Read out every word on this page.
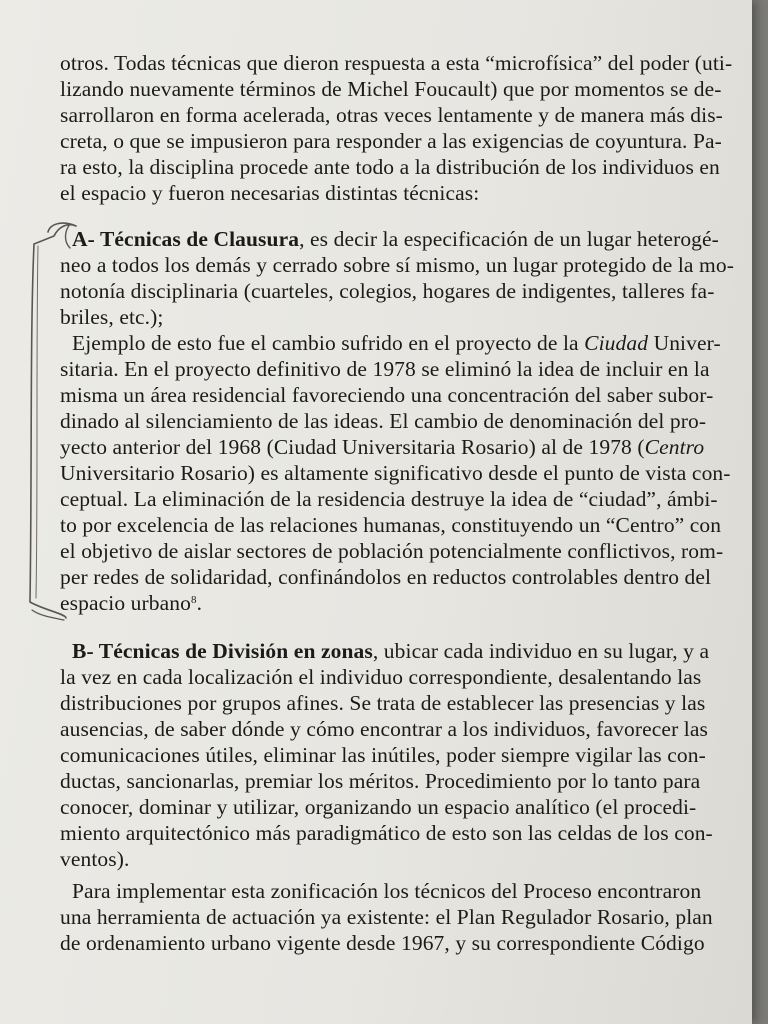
otros. Todas técnicas que dieron respuesta a esta “microfísica” del poder (uti-
lizando nuevamente términos de Michel Foucault) que por momentos se de-
sarrollaron en forma acelerada, otras veces lentamente y de manera más dis-
creta, o que se impusieron para responder a las exigencias de coyuntura. Pa-
ra esto, la disciplina procede ante todo a la distribución de los individuos en
el espacio y fueron necesarias distintas técnicas:
A- Técnicas de Clausura, es decir la especificación de un lugar heterogé-
neo a todos los demás y cerrado sobre sí mismo, un lugar protegido de la mo-
notonía disciplinaria (cuarteles, colegios, hogares de indigentes, talleres fa-
briles, etc.);
Ejemplo de esto fue el cambio sufrido en el proyecto de la Ciudad Univer-
sitaria. En el proyecto definitivo de 1978 se eliminó la idea de incluir en la
misma un área residencial favoreciendo una concentración del saber subor-
dinado al silenciamiento de las ideas. El cambio de denominación del pro-
yecto anterior del 1968 (Ciudad Universitaria Rosario) al de 1978 (Centro
Universitario Rosario) es altamente significativo desde el punto de vista con-
ceptual. La eliminación de la residencia destruye la idea de “ciudad”, ámbi-
to por excelencia de las relaciones humanas, constituyendo un “Centro” con
el objetivo de aislar sectores de población potencialmente conflictivos, rom-
per redes de solidaridad, confinándolos en reductos controlables dentro del
espacio urbano$^8$.
B- Técnicas de División en zonas, ubicar cada individuo en su lugar, y a
la vez en cada localización el individuo correspondiente, desalentando las
distribuciones por grupos afines. Se trata de establecer las presencias y las
ausencias, de saber dónde y cómo encontrar a los individuos, favorecer las
comunicaciones útiles, eliminar las inútiles, poder siempre vigilar las con-
ductas, sancionarlas, premiar los méritos. Procedimiento por lo tanto para
conocer, dominar y utilizar, organizando un espacio analítico (el procedi-
miento arquitectónico más paradigmático de esto son las celdas de los con-
ventos).
Para implementar esta zonificación los técnicos del Proceso encontraron
una herramienta de actuación ya existente: el Plan Regulador Rosario, plan
de ordenamiento urbano vigente desde 1967, y su correspondiente Código
